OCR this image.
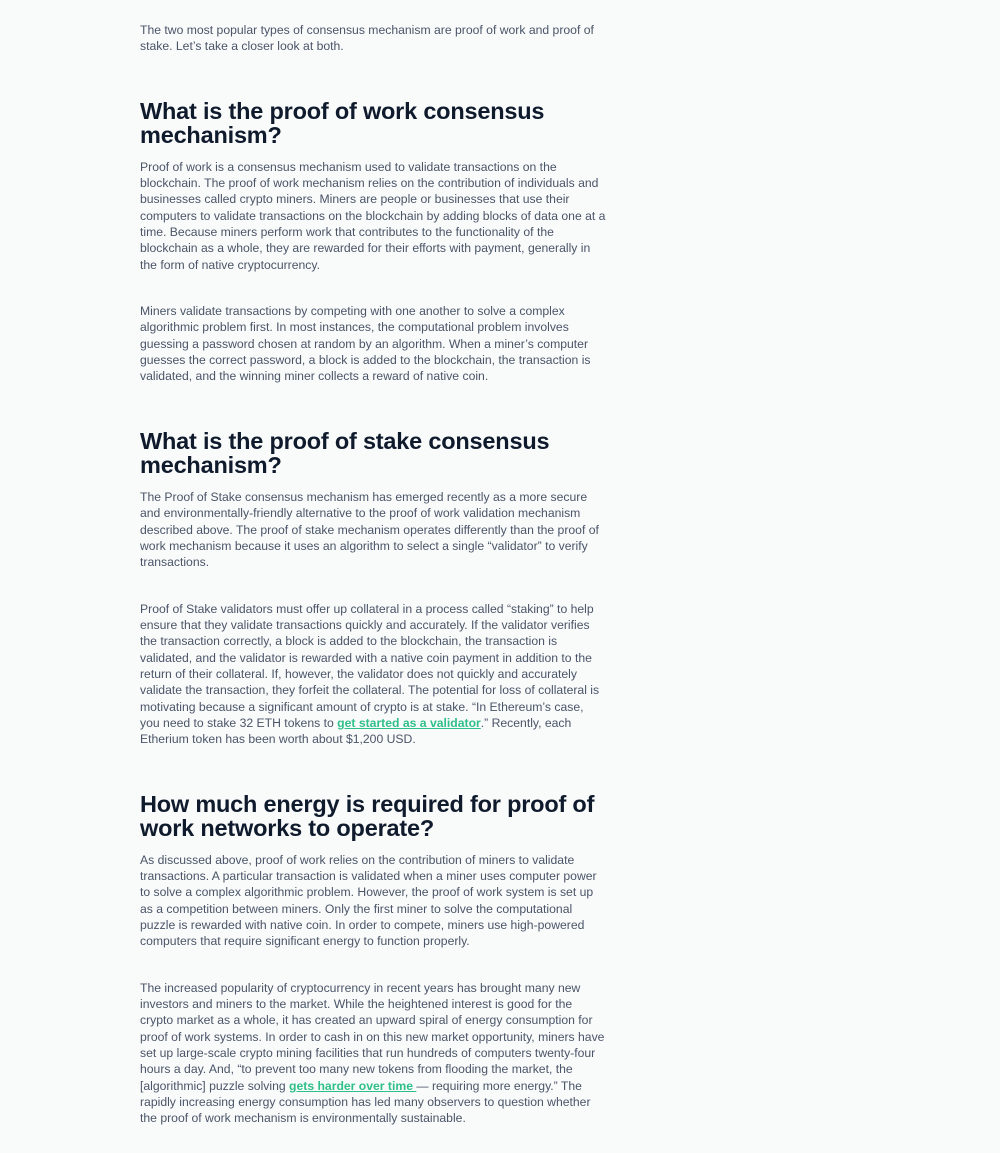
The two most popular types of consensus mechanism are proof of work and proof of stake. Let’s take a closer look at both.

What is the proof of work consensus mechanism?

Proof of work is a consensus mechanism used to validate transactions on the blockchain. The proof of work mechanism relies on the contribution of individuals and businesses called crypto miners. Miners are people or businesses that use their computers to validate transactions on the blockchain by adding blocks of data one at a time. Because miners perform work that contributes to the functionality of the blockchain as a whole, they are rewarded for their efforts with payment, generally in the form of native cryptocurrency.

Miners validate transactions by competing with one another to solve a complex algorithmic problem first. In most instances, the computational problem involves guessing a password chosen at random by an algorithm. When a miner’s computer guesses the correct password, a block is added to the blockchain, the transaction is validated, and the winning miner collects a reward of native coin.

What is the proof of stake consensus mechanism?

The Proof of Stake consensus mechanism has emerged recently as a more secure and environmentally-friendly alternative to the proof of work validation mechanism described above. The proof of stake mechanism operates differently than the proof of work mechanism because it uses an algorithm to select a single “validator” to verify transactions.

Proof of Stake validators must offer up collateral in a process called “staking” to help ensure that they validate transactions quickly and accurately. If the validator verifies the transaction correctly, a block is added to the blockchain, the transaction is validated, and the validator is rewarded with a native coin payment in addition to the return of their collateral. If, however, the validator does not quickly and accurately validate the transaction, they forfeit the collateral. The potential for loss of collateral is motivating because a significant amount of crypto is at stake. “In Ethereum’s case, you need to stake 32 ETH tokens to get started as a validator.” Recently, each Etherium token has been worth about $1,200 USD.

How much energy is required for proof of work networks to operate?

As discussed above, proof of work relies on the contribution of miners to validate transactions. A particular transaction is validated when a miner uses computer power to solve a complex algorithmic problem. However, the proof of work system is set up as a competition between miners. Only the first miner to solve the computational puzzle is rewarded with native coin. In order to compete, miners use high-powered computers that require significant energy to function properly.

The increased popularity of cryptocurrency in recent years has brought many new investors and miners to the market. While the heightened interest is good for the crypto market as a whole, it has created an upward spiral of energy consumption for proof of work systems. In order to cash in on this new market opportunity, miners have set up large-scale crypto mining facilities that run hundreds of computers twenty-four hours a day. And, “to prevent too many new tokens from flooding the market, the [algorithmic] puzzle solving gets harder over time — requiring more energy.” The rapidly increasing energy consumption has led many observers to question whether the proof of work mechanism is environmentally sustainable.
